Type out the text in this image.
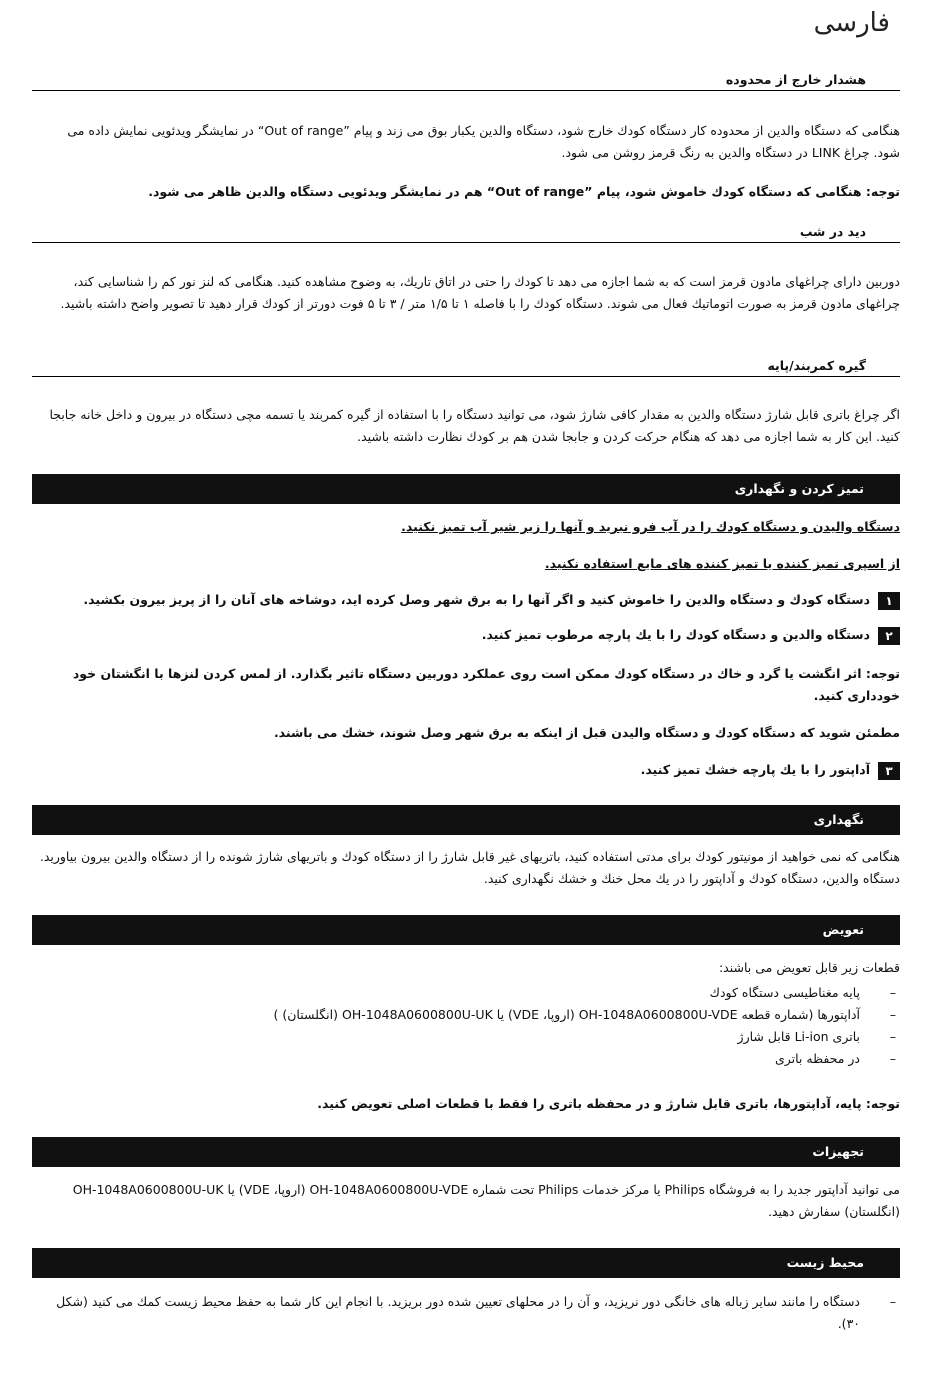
فارسی
هشدار خارج از محدوده
هنگامی که دستگاه والدین از محدوده کار دستگاه کودك خارج شود، دستگاه والدین یكبار بوق می زند و پیام ”Out of range“ در نمایشگر ویدئویی نمایش داده می شود. چراغ LINK در دستگاه والدین به رنگ قرمز روشن می شود.
توجه: هنگامی كه دستگاه کودك خاموش شود، پیام ”Out of range“ هم در نمایشگر ویدئویی دستگاه والدین ظاهر می شود.
دید در شب
دوربین دارای چراغهای مادون قرمز است که به شما اجازه می دهد تا كودك را حتی در اتاق تاریك، به وضوح مشاهده كنید. هنگامی كه لنز نور كم را شناسایی كند، چراغهای مادون قرمز به صورت اتوماتیك فعال می شوند. دستگاه كودك را با فاصله ۱ تا ۱/۵ متر / ۳ تا ۵ فوت دورتر از كودك قرار دهید تا تصویر واضح داشته باشید.
گیره كمربند/پایه
اگر چراغ باتری قابل شارژ دستگاه والدین به مقدار كافی شارژ شود، می توانید دستگاه را با استفاده از گیره كمربند یا تسمه مچی دستگاه در بیرون و داخل خانه جابجا كنید. این كار به شما اجازه می دهد كه هنگام حرکت كردن و جابجا شدن هم بر كودك نظارت داشته باشید.
تمیز كردن و نگهداری
دستگاه والیدن و دستگاه كودك را در آب فرو نبرید و آنها را زیر شیر آب تمیز نكنید.
از اسپری تمیز كننده یا تمیز كننده های مایع استفاده نكنید.
۱دستگاه كودك و دستگاه والدین را خاموش كنید و اگر آنها را به برق شهر وصل كرده اید، دوشاخه های آنان را از پریز بیرون بكشید.
۲دستگاه والدین و دستگاه كودك را با یك پارچه مرطوب تمیز كنید.
توجه: اثر انگشت یا گرد و خاك در دستگاه كودك ممكن است روی عملكرد دوربین دستگاه تاثیر بگذارد. از لمس كردن لنزها با انگشتان خود خودداری كنید.
مطمئن شوید كه دستگاه كودك و دستگاه والیدن قبل از اینكه به برق شهر وصل شوند، خشك می باشند.
۳آداپتور را با یك پارچه خشك تمیز كنید.
نگهداری
هنگامی كه نمی خواهید از مونیتور كودك برای مدتی استفاده كنید، باتریهای غیر قابل شارژ را از دستگاه كودك و باتریهای شارژ شونده را از دستگاه والدین بیرون بیاورید. دستگاه والدین، دستگاه كودك و آداپتور را در یك محل خنك و خشك نگهداری كنید.
تعویض
قطعات زیر قابل تعویض می باشند:
–
پایه مغناطیسی دستگاه كودك
–
آداپتورها (شماره قطعه OH-1048A0600800U-VDE (اروپا، VDE) یا OH-1048A0600800U-UK (انگلستان) )
–
باتری Li-ion قابل شارژ
–
در محفظه باتری
توجه: پایه، آداپتورها، باتری قابل شارژ و در محفظه باتری را فقط با قطعات اصلی تعویض كنید.
تجهیزات
می توانید آداپتور جدید را به فروشگاه Philips یا مركز خدمات Philips تحت شماره OH-1048A0600800U-VDE (اروپا، VDE) یا OH-1048A0600800U-UK (انگلستان) سفارش دهید.
محیط زیست
–
دستگاه را مانند سایر زباله های خانگی دور نریزید، و آن را در محلهای تعیین شده دور بریزید. با انجام این كار شما به حفظ محیط زیست كمك می كنید (شكل ۳۰).
